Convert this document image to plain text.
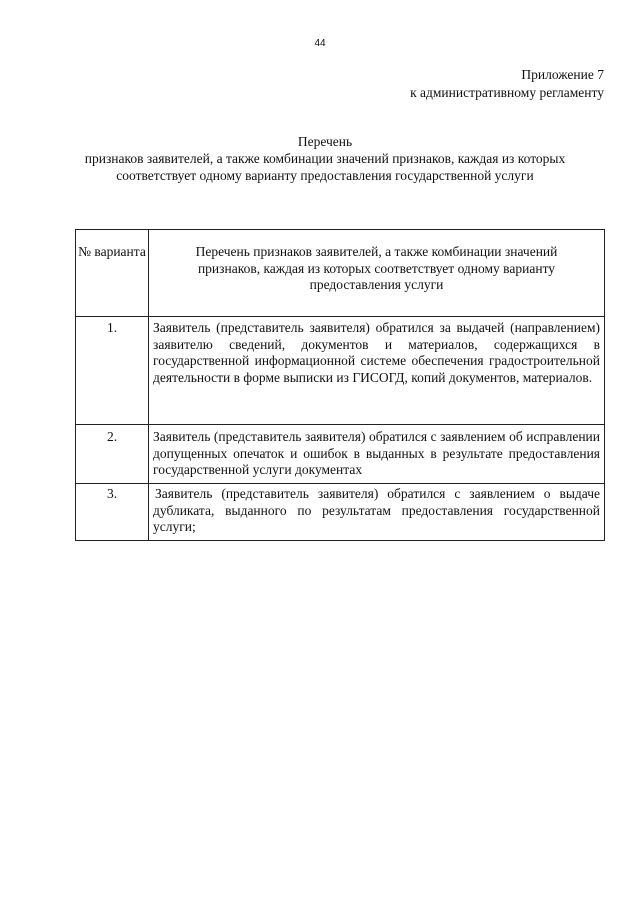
44
Приложение 7
к административному регламенту
Перечень
признаков заявителей, а также комбинации значений признаков, каждая из которых соответствует одному варианту предоставления государственной услуги
№ варианта	Перечень признаков заявителей, а также комбинации значений признаков, каждая из которых соответствует одному варианту предоставления услуги
1.	Заявитель (представитель заявителя) обратился за выдачей (направлением) заявителю сведений, документов и материалов, содержащихся в государственной информационной системе обеспечения градостроительной деятельности в форме выписки из ГИСОГД, копий документов, материалов.
2.	Заявитель (представитель заявителя) обратился с заявлением об исправлении допущенных опечаток и ошибок в выданных в результате предоставления государственной услуги документах
3.	Заявитель (представитель заявителя) обратился с заявлением о выдаче дубликата, выданного по результатам предоставления государственной услуги;
